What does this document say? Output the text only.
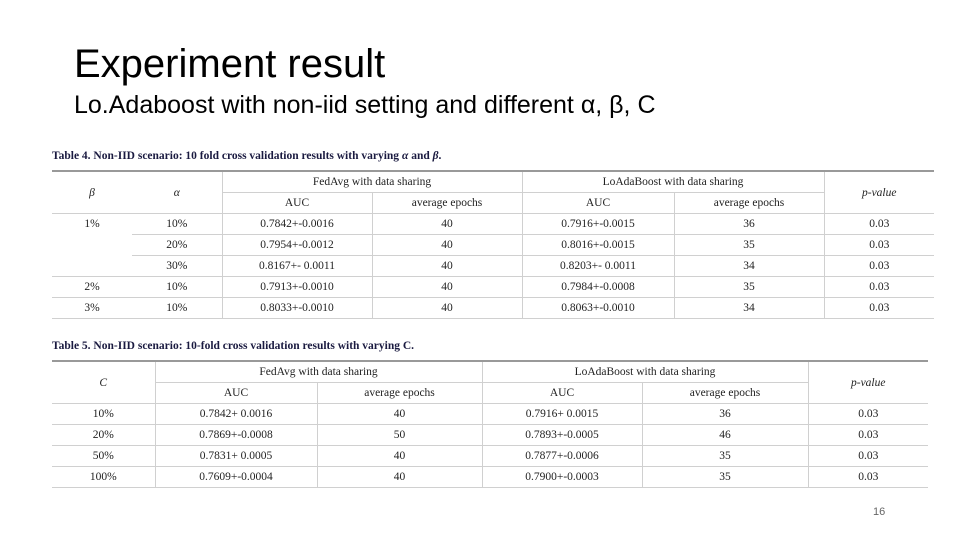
Experiment result
Lo.Adaboost with non-iid setting and different α, β, C
Table 4. Non-IID scenario: 10 fold cross validation results with varying α and β.
β	α	FedAvg with data sharing		LoAdaBoost with data sharing		p-value
		AUC	average epochs	AUC	average epochs	
1%	10%	0.7842+-0.0016	40	0.7916+-0.0015	36	0.03
	20%	0.7954+-0.0012	40	0.8016+-0.0015	35	0.03
	30%	0.8167+- 0.0011	40	0.8203+- 0.0011	34	0.03
2%	10%	0.7913+-0.0010	40	0.7984+-0.0008	35	0.03
3%	10%	0.8033+-0.0010	40	0.8063+-0.0010	34	0.03
Table 5. Non-IID scenario: 10-fold cross validation results with varying C.
C	FedAvg with data sharing		LoAdaBoost with data sharing		p-value
	AUC	average epochs	AUC	average epochs	
10%	0.7842+ 0.0016	40	0.7916+ 0.0015	36	0.03
20%	0.7869+-0.0008	50	0.7893+-0.0005	46	0.03
50%	0.7831+ 0.0005	40	0.7877+-0.0006	35	0.03
100%	0.7609+-0.0004	40	0.7900+-0.0003	35	0.03
16
